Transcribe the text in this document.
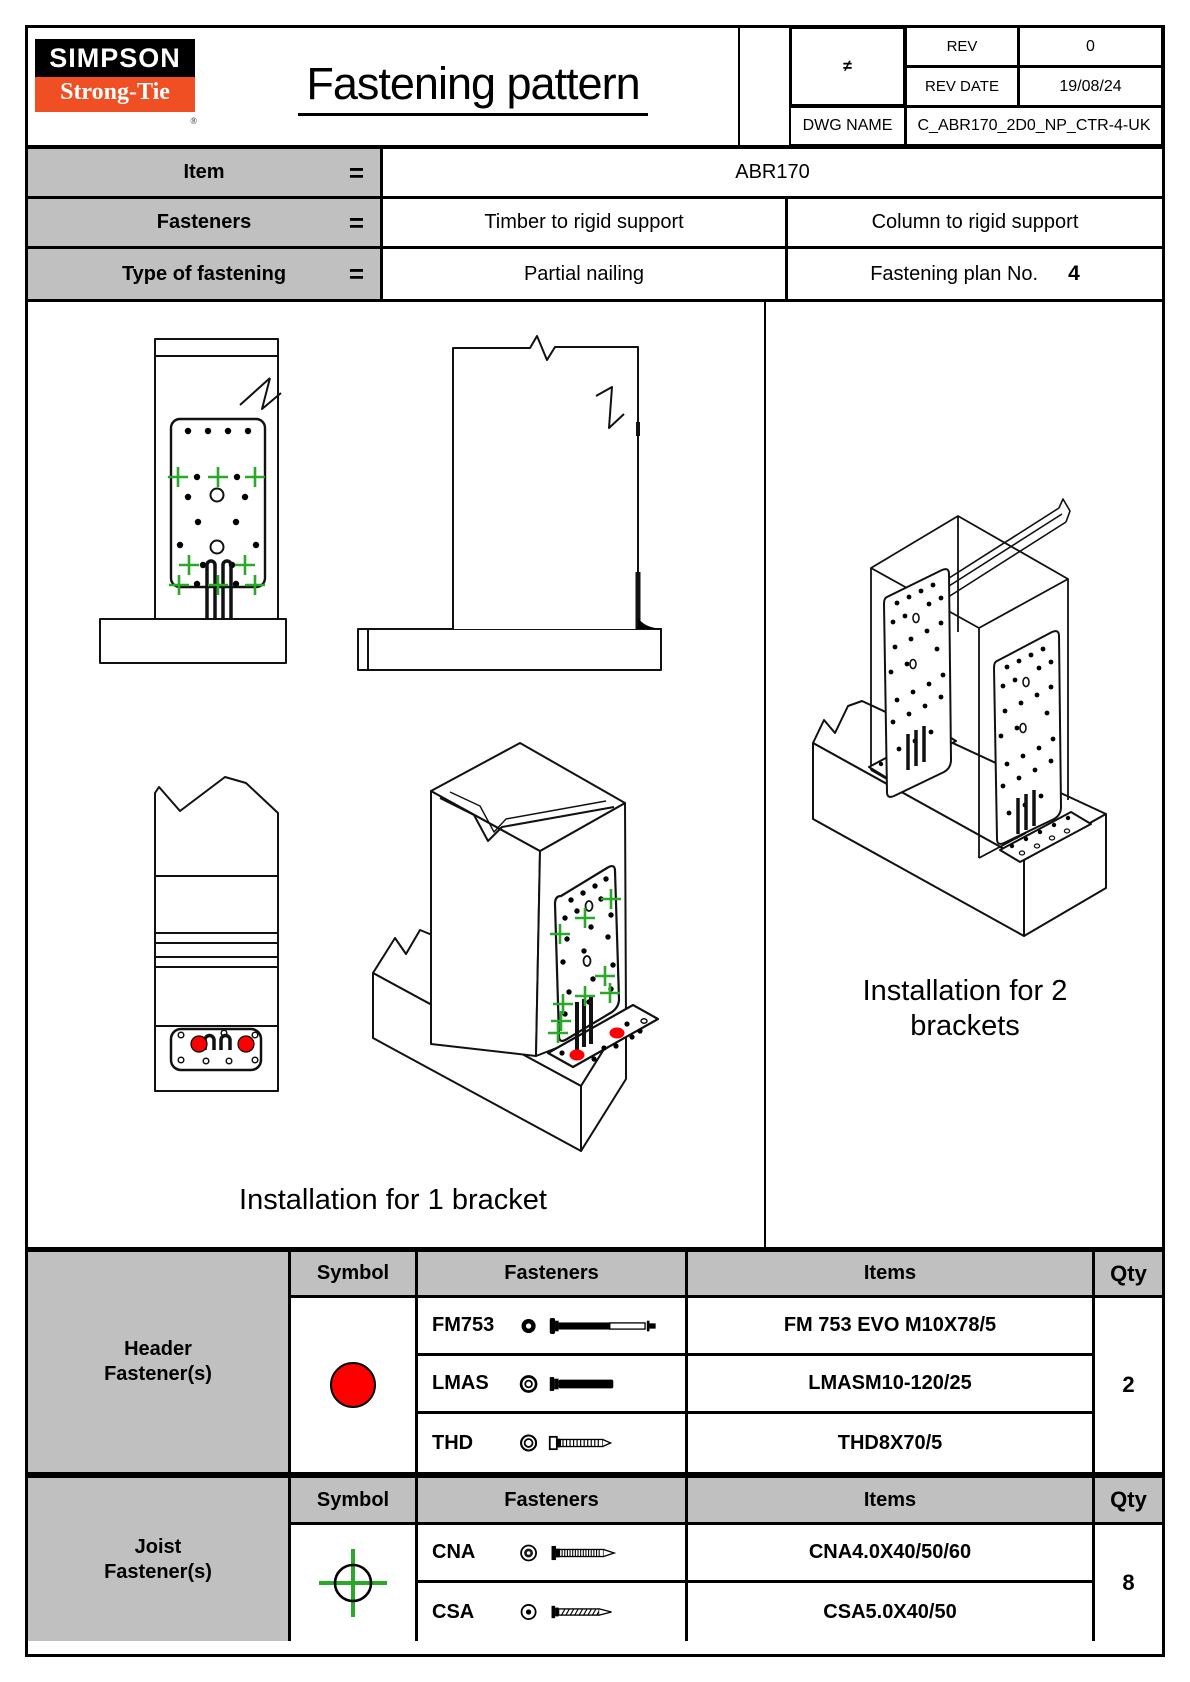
SIMPSON
Strong-Tie
®
Fastening pattern	≠
REV	0
REV DATE	19/08/24
DWG NAME	C_ABR170_2D0_NP_CTR-4-UK
Item	=	ABR170
Fasteners	=	Timber to rigid support	Column to rigid support
Type of fastening =	Partial nailing	Fastening plan No. 4
Installation for 1 bracket
Installation for 2 brackets
Header Fastener(s)
Symbol	Fasteners	Items	Qty
FM753	FM 753 EVO M10X78/5
LMAS	LMASM10-120/25
THD	THD8X70/5
2
Joist Fastener(s)
Symbol	Fasteners	Items	Qty
CNA	CNA4.0X40/50/60
CSA	CSA5.0X40/50
8
